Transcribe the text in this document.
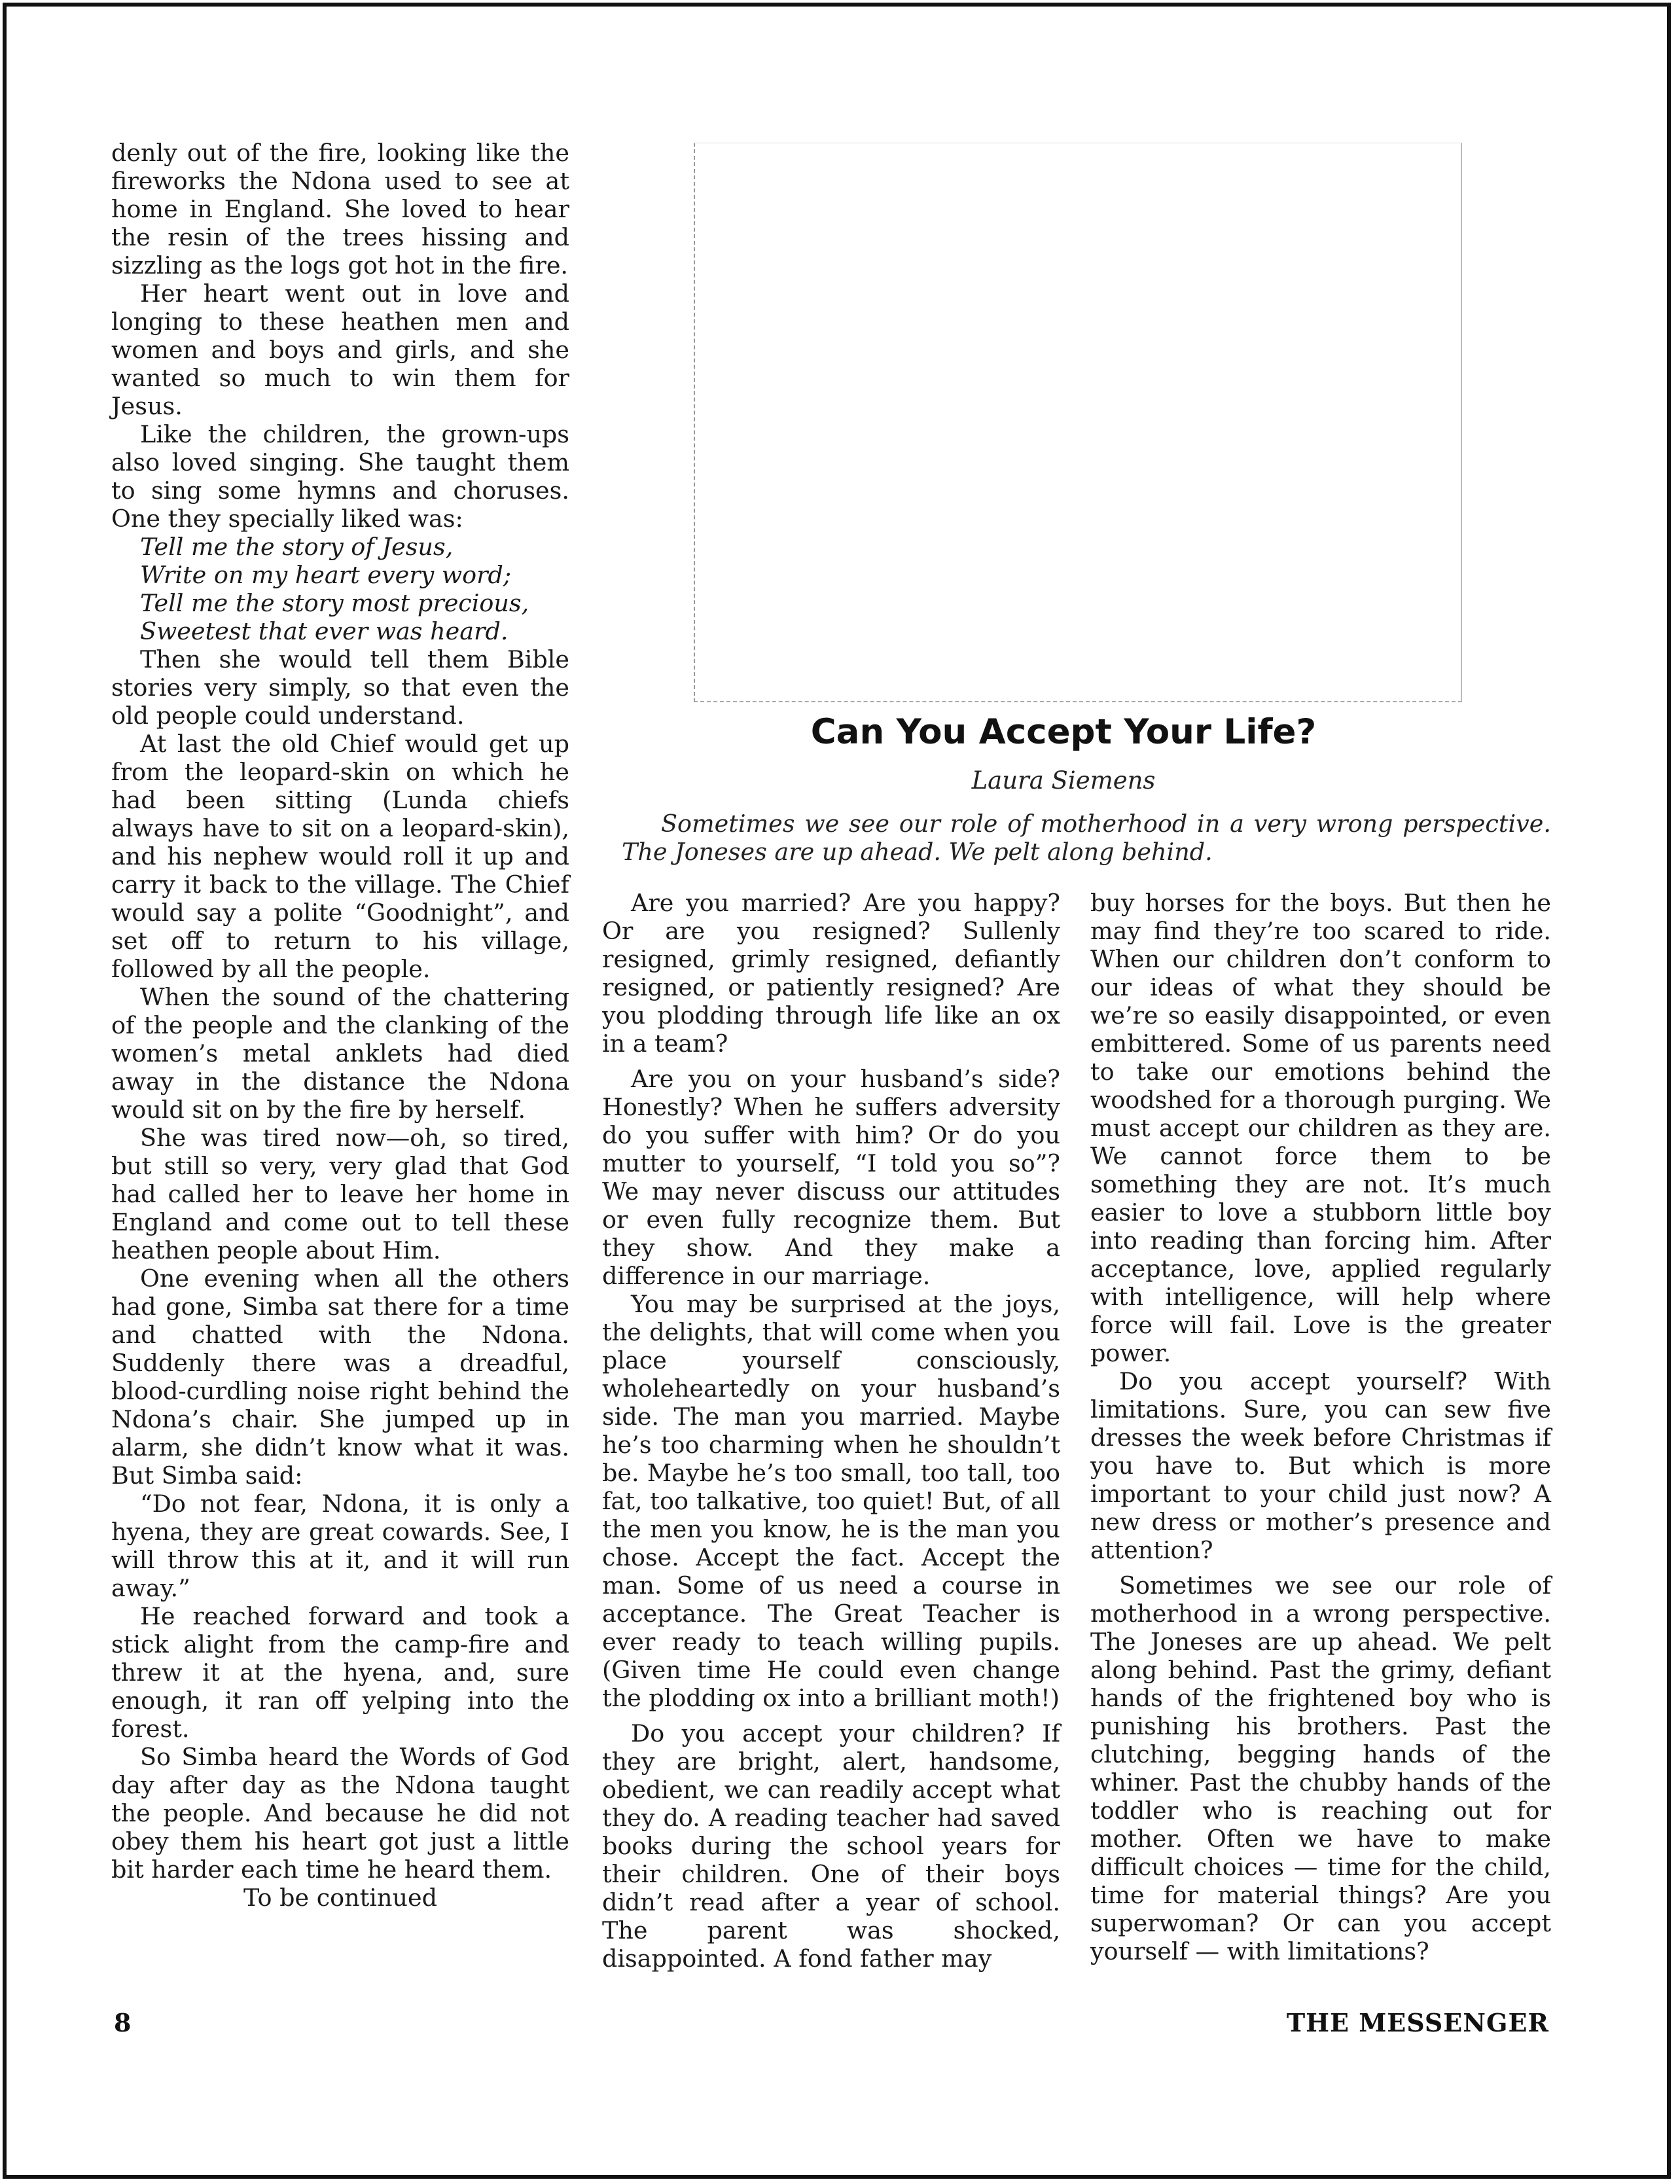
denly out of the fire, looking like the fireworks the Ndona used to see at home in England. She loved to hear the resin of the trees hissing and sizzling as the logs got hot in the fire.

Her heart went out in love and longing to these heathen men and women and boys and girls, and she wanted so much to win them for Jesus.

Like the children, the grown-ups also loved singing. She taught them to sing some hymns and choruses. One they specially liked was:

Tell me the story of Jesus,

Write on my heart every word;

Tell me the story most precious,

Sweetest that ever was heard.

Then she would tell them Bible stories very simply, so that even the old people could understand.

At last the old Chief would get up from the leopard-skin on which he had been sitting (Lunda chiefs always have to sit on a leopard-skin), and his nephew would roll it up and carry it back to the village. The Chief would say a polite “Goodnight”, and set off to return to his village, followed by all the people.

When the sound of the chattering of the people and the clanking of the women’s metal anklets had died away in the distance the Ndona would sit on by the fire by herself.

She was tired now—oh, so tired, but still so very, very glad that God had called her to leave her home in England and come out to tell these heathen people about Him.

One evening when all the others had gone, Simba sat there for a time and chatted with the Ndona. Suddenly there was a dreadful, blood-curdling noise right behind the Ndona’s chair. She jumped up in alarm, she didn’t know what it was. But Simba said:

“Do not fear, Ndona, it is only a hyena, they are great cowards. See, I will throw this at it, and it will run away.”

He reached forward and took a stick alight from the camp-fire and threw it at the hyena, and, sure enough, it ran off yelping into the forest.

So Simba heard the Words of God day after day as the Ndona taught the people. And because he did not obey them his heart got just a little bit harder each time he heard them.

To be continued

Can You Accept Your Life?
Laura Siemens
Sometimes we see our role of motherhood in a very wrong perspective. The Joneses are up ahead. We pelt along behind.

Are you married? Are you happy? Or are you resigned? Sullenly resigned, grimly resigned, defiantly resigned, or patiently resigned? Are you plodding through life like an ox in a team?

Are you on your husband’s side? Honestly? When he suffers adversity do you suffer with him? Or do you mutter to yourself, “I told you so”? We may never discuss our attitudes or even fully recognize them. But they show. And they make a difference in our marriage.

You may be surprised at the joys, the delights, that will come when you place yourself consciously, wholeheartedly on your husband’s side. The man you married. Maybe he’s too charming when he shouldn’t be. Maybe he’s too small, too tall, too fat, too talkative, too quiet! But, of all the men you know, he is the man you chose. Accept the fact. Accept the man. Some of us need a course in acceptance. The Great Teacher is ever ready to teach willing pupils. (Given time He could even change the plodding ox into a brilliant moth!)

Do you accept your children? If they are bright, alert, handsome, obedient, we can readily accept what they do. A reading teacher had saved books during the school years for their children. One of their boys didn’t read after a year of school. The parent was shocked, disappointed. A fond father may

buy horses for the boys. But then he may find they’re too scared to ride. When our children don’t conform to our ideas of what they should be we’re so easily disappointed, or even embittered. Some of us parents need to take our emotions behind the woodshed for a thorough purging. We must accept our children as they are. We cannot force them to be something they are not. It’s much easier to love a stubborn little boy into reading than forcing him. After acceptance, love, applied regularly with intelligence, will help where force will fail. Love is the greater power.

Do you accept yourself? With limitations. Sure, you can sew five dresses the week before Christmas if you have to. But which is more important to your child just now? A new dress or mother’s presence and attention?

Sometimes we see our role of motherhood in a wrong perspective. The Joneses are up ahead. We pelt along behind. Past the grimy, defiant hands of the frightened boy who is punishing his brothers. Past the clutching, begging hands of the whiner. Past the chubby hands of the toddler who is reaching out for mother. Often we have to make difficult choices — time for the child, time for material things? Are you superwoman? Or can you accept yourself — with limitations?

8	THE MESSENGER
